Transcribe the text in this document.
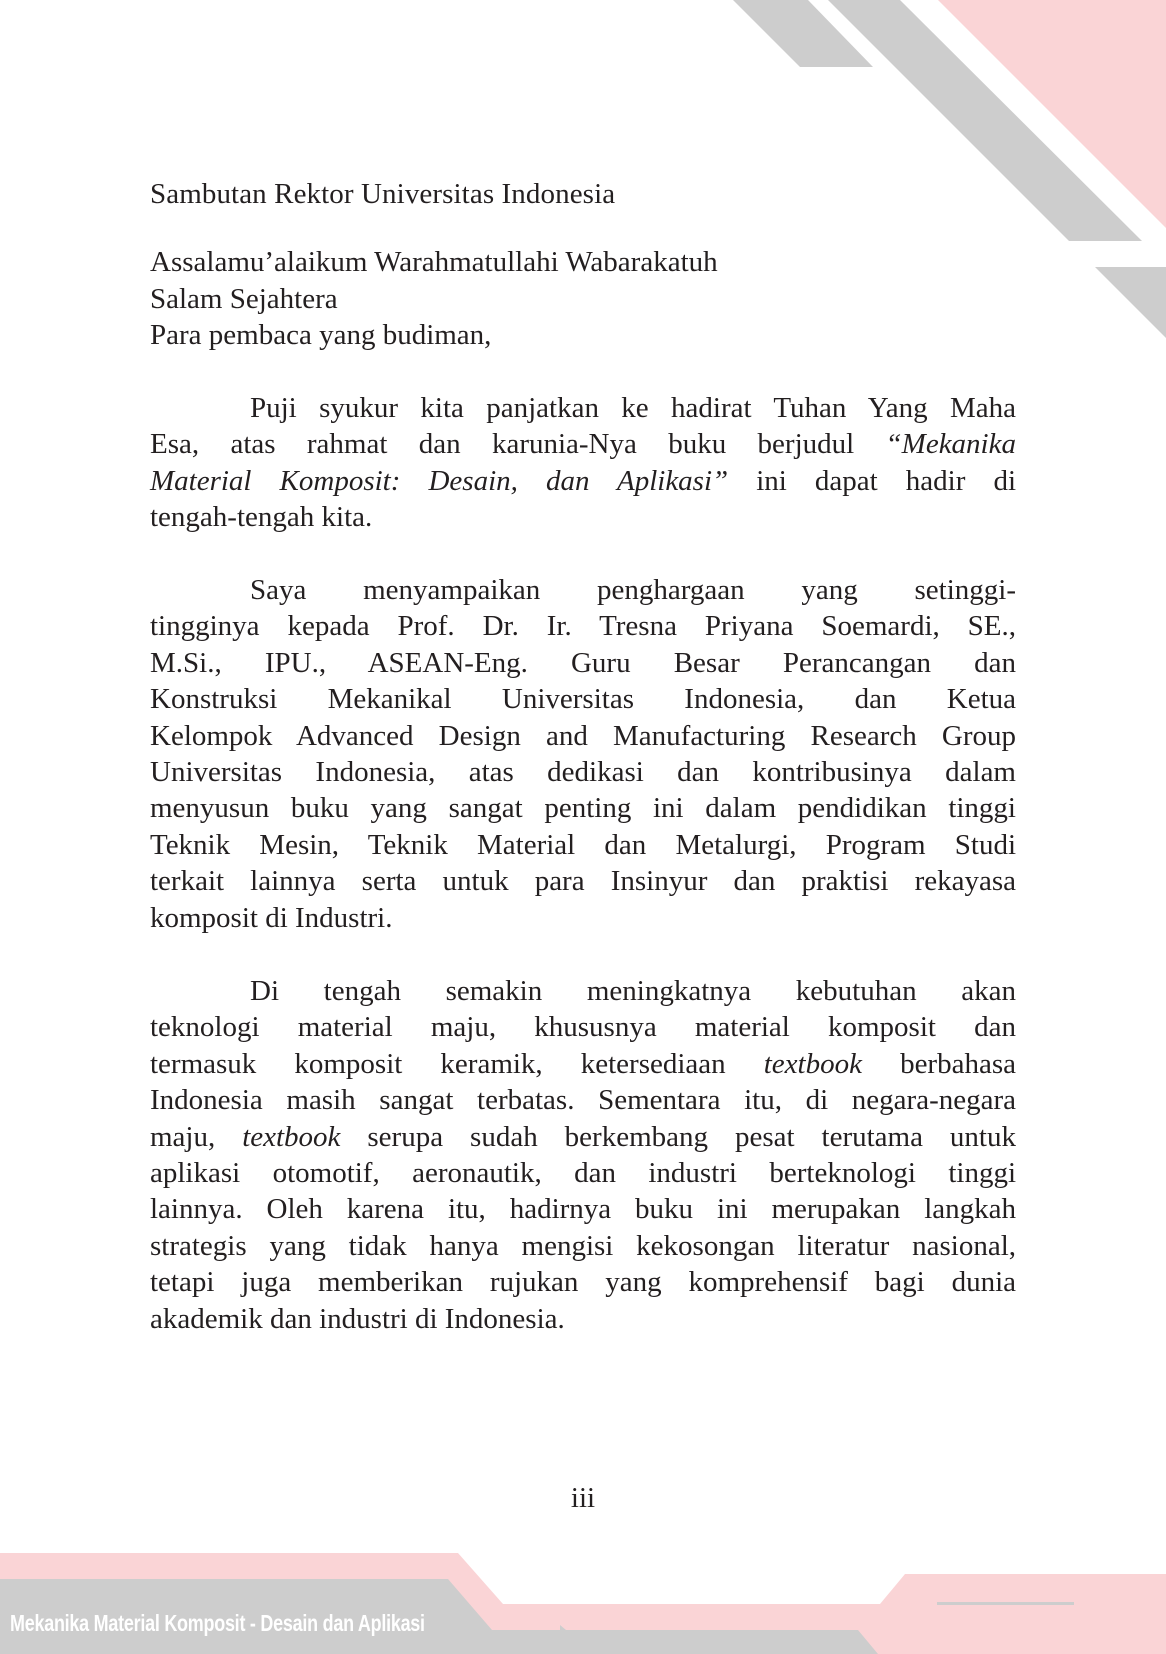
Sambutan Rektor Universitas Indonesia
Assalamu’alaikum Warahmatullahi Wabarakatuh
Salam Sejahtera
Para pembaca yang budiman,
Puji syukur kita panjatkan ke hadirat Tuhan Yang Maha
Esa, atas rahmat dan karunia-Nya buku berjudul “Mekanika
Material Komposit: Desain, dan Aplikasi” ini dapat hadir di
tengah-tengah kita.
Saya menyampaikan penghargaan yang setinggi-
tingginya kepada Prof. Dr. Ir. Tresna Priyana Soemardi, SE.,
M.Si., IPU., ASEAN-Eng. Guru Besar Perancangan dan
Konstruksi Mekanikal Universitas Indonesia, dan Ketua
Kelompok Advanced Design and Manufacturing Research Group
Universitas Indonesia, atas dedikasi dan kontribusinya dalam
menyusun buku yang sangat penting ini dalam pendidikan tinggi
Teknik Mesin, Teknik Material dan Metalurgi, Program Studi
terkait lainnya serta untuk para Insinyur dan praktisi rekayasa
komposit di Industri.
Di tengah semakin meningkatnya kebutuhan akan
teknologi material maju, khususnya material komposit dan
termasuk komposit keramik, ketersediaan textbook berbahasa
Indonesia masih sangat terbatas. Sementara itu, di negara-negara
maju, textbook serupa sudah berkembang pesat terutama untuk
aplikasi otomotif, aeronautik, dan industri berteknologi tinggi
lainnya. Oleh karena itu, hadirnya buku ini merupakan langkah
strategis yang tidak hanya mengisi kekosongan literatur nasional,
tetapi juga memberikan rujukan yang komprehensif bagi dunia
akademik dan industri di Indonesia.
iii
Mekanika Material Komposit - Desain dan Aplikasi
